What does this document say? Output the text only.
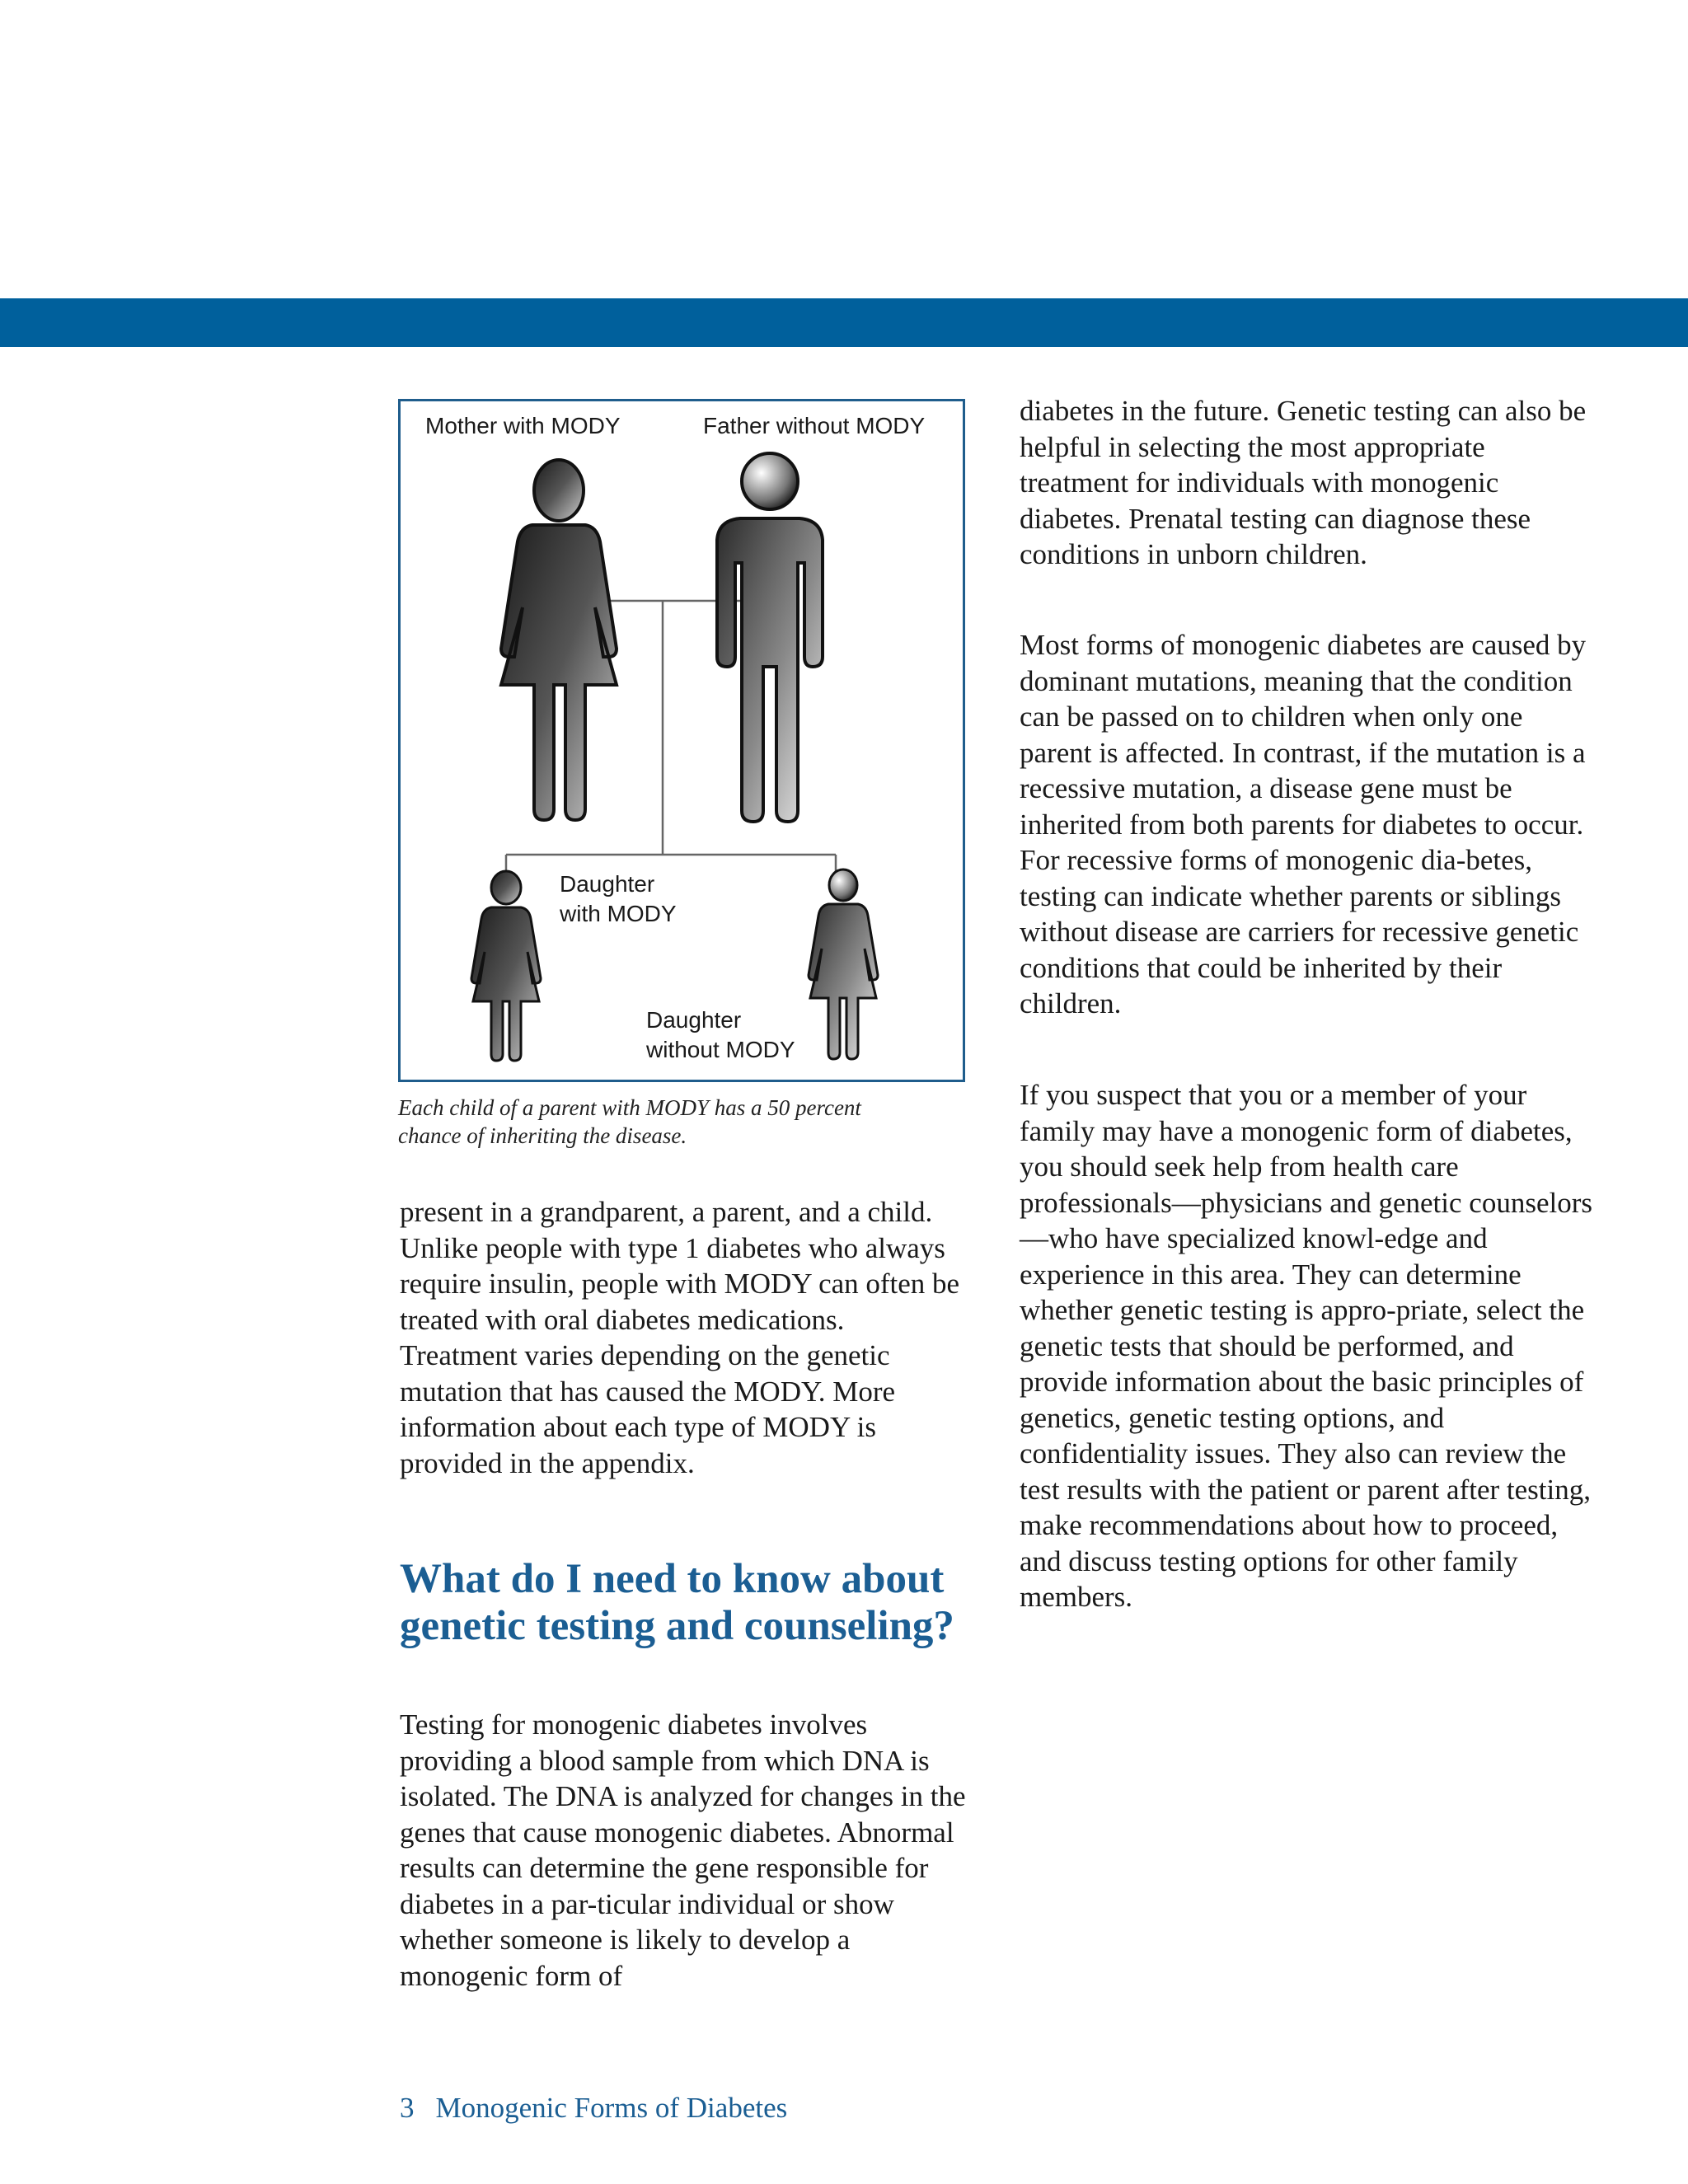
Mother with MODY	Father without MODY
Daughter
with MODY
Daughter
without MODY
Each child of a parent with MODY has a 50 percent
chance of inheriting the disease.

present in a grandparent, a parent, and a child. Unlike people with type 1 diabetes who always require insulin, people with MODY can often be treated with oral diabetes medications. Treatment varies depending on the genetic mutation that has caused the MODY. More information about each type of MODY is provided in the appendix.

What do I need to know about genetic testing and counseling?

Testing for monogenic diabetes involves providing a blood sample from which DNA is isolated. The DNA is analyzed for changes in the genes that cause monogenic diabetes. Abnormal results can determine the gene responsible for diabetes in a par-ticular individual or show whether someone is likely to develop a monogenic form of

diabetes in the future. Genetic testing can also be helpful in selecting the most appropriate treatment for individuals with monogenic diabetes. Prenatal testing can diagnose these conditions in unborn children.

Most forms of monogenic diabetes are caused by dominant mutations, meaning that the condition can be passed on to children when only one parent is affected. In contrast, if the mutation is a recessive mutation, a disease gene must be inherited from both parents for diabetes to occur. For recessive forms of monogenic dia-betes, testing can indicate whether parents or siblings without disease are carriers for recessive genetic conditions that could be inherited by their children.

If you suspect that you or a member of your family may have a monogenic form of diabetes, you should seek help from health care professionals—physicians and genetic counselors—who have specialized knowl-edge and experience in this area. They can determine whether genetic testing is appro-priate, select the genetic tests that should be performed, and provide information about the basic principles of genetics, genetic testing options, and confidentiality issues. They also can review the test results with the patient or parent after testing, make recommendations about how to proceed, and discuss testing options for other family members.

3 Monogenic Forms of Diabetes
